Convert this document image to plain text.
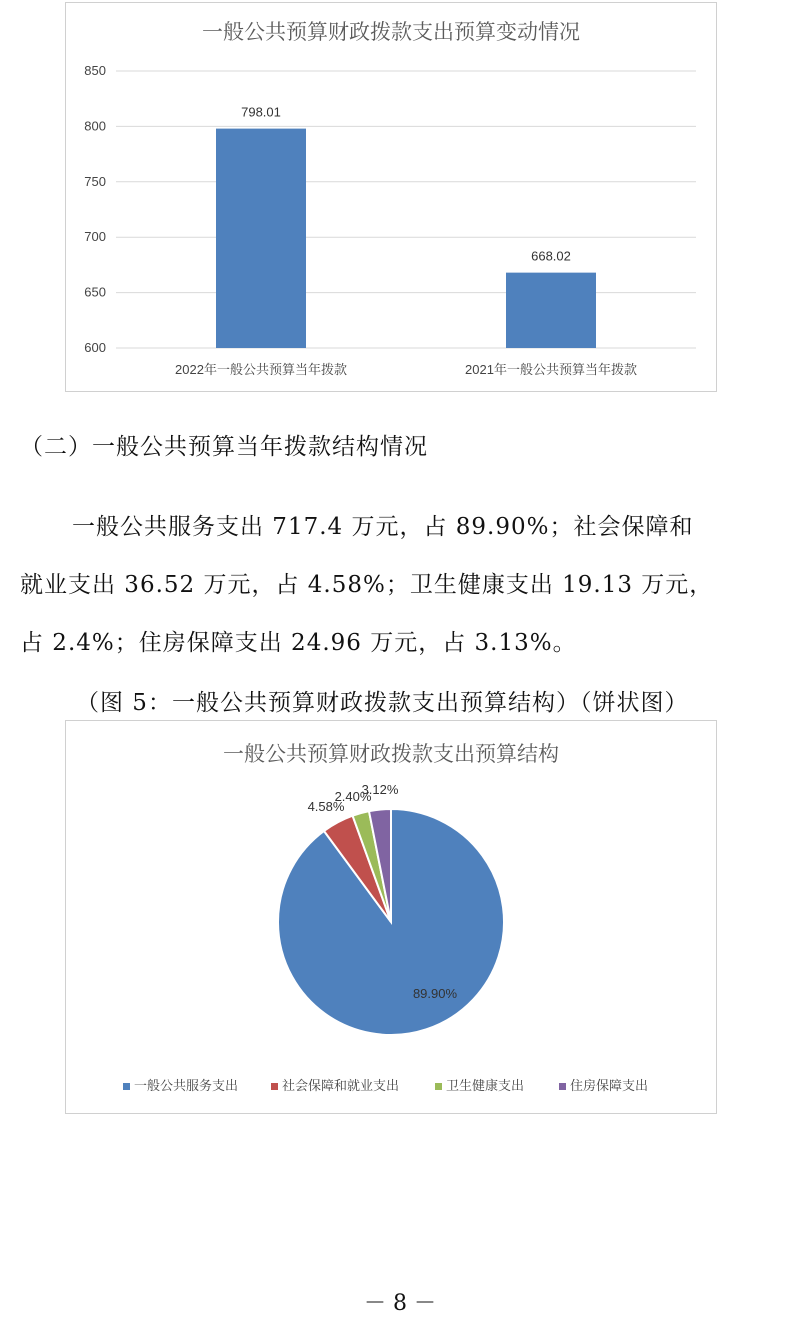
一般公共预算财政拨款支出预算变动情况
600
650
700
750
800
850
798.01
2022年一般公共预算当年拨款
668.02
2021年一般公共预算当年拨款
（二）一般公共预算当年拨款结构情况
一般公共服务支出 717.4 万元，占 89.90%；社会保障和
就业支出 36.52 万元，占 4.58%；卫生健康支出 19.13 万元，
占 2.4%；住房保障支出 24.96 万元，占 3.13%。
（图 5：一般公共预算财政拨款支出预算结构）（饼状图）
一般公共预算财政拨款支出预算结构
89.90%
4.58%
2.40%
3.12%
一般公共服务支出	社会保障和就业支出	卫生健康支出	住房保障支出
－ 8 －
